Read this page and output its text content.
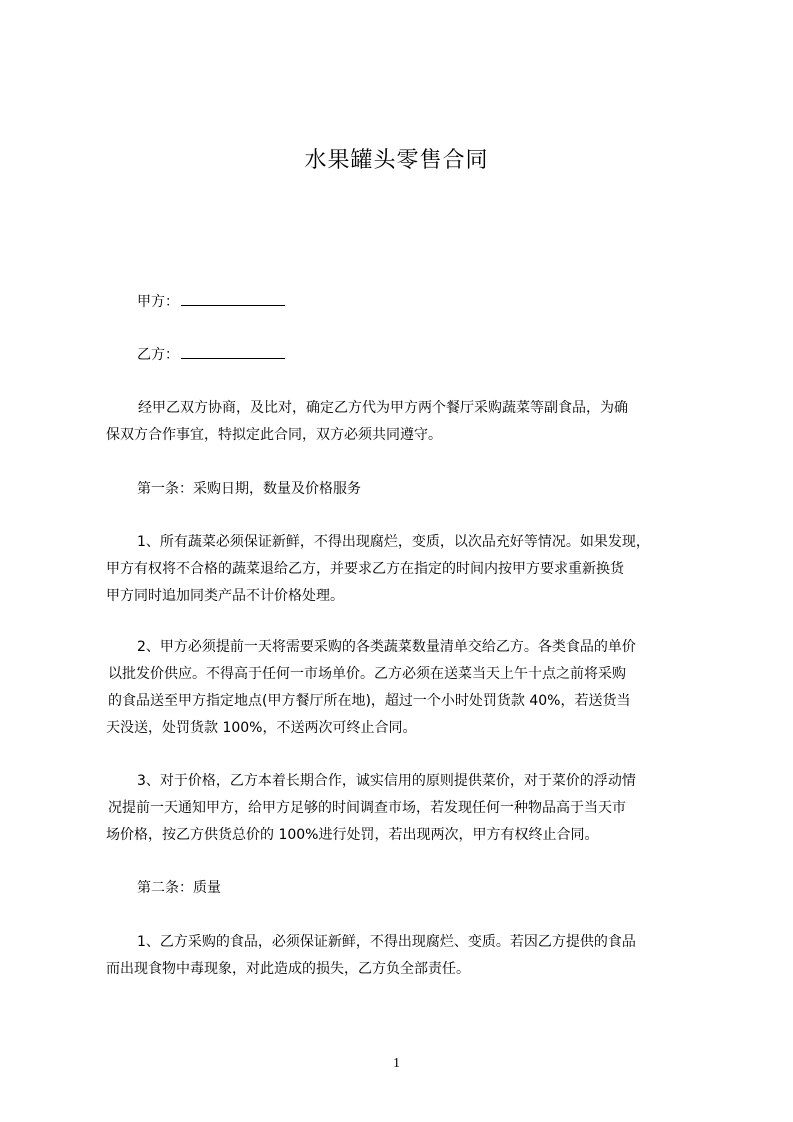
水果罐头零售合同
甲方：
乙方：
经甲乙双方协商，及比对，确定乙方代为甲方两个餐厅采购蔬菜等副食品，为确
保双方合作事宜，特拟定此合同，双方必须共同遵守。
第一条：采购日期，数量及价格服务
1、所有蔬菜必须保证新鲜，不得出现腐烂，变质，以次品充好等情况。如果发现，
甲方有权将不合格的蔬菜退给乙方，并要求乙方在指定的时间内按甲方要求重新换货
甲方同时追加同类产品不计价格处理。
2、甲方必须提前一天将需要采购的各类蔬菜数量清单交给乙方。各类食品的单价
以批发价供应。不得高于任何一市场单价。乙方必须在送菜当天上午十点之前将采购
的食品送至甲方指定地点(甲方餐厅所在地)，超过一个小时处罚货款 40%，若送货当
天没送，处罚货款 100%，不送两次可终止合同。
3、对于价格，乙方本着长期合作，诚实信用的原则提供菜价，对于菜价的浮动情
况提前一天通知甲方，给甲方足够的时间调查市场，若发现任何一种物品高于当天市
场价格，按乙方供货总价的 100%进行处罚，若出现两次，甲方有权终止合同。
第二条：质量
1、乙方采购的食品，必须保证新鲜，不得出现腐烂、变质。若因乙方提供的食品
而出现食物中毒现象，对此造成的损失，乙方负全部责任。
1
